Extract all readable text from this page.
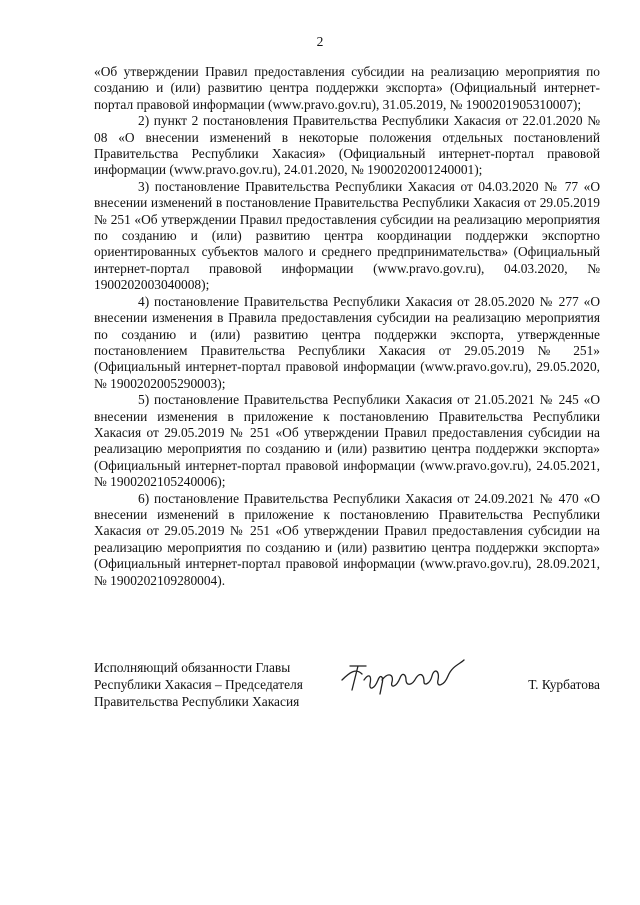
2

«Об утверждении Правил предоставления субсидии на реализацию мероприятия по созданию и (или) развитию центра поддержки экспорта» (Официальный интернет-портал правовой информации (www.pravo.gov.ru), 31.05.2019, № 1900201905310007);

2) пункт 2 постановления Правительства Республики Хакасия от 22.01.2020 № 08 «О внесении изменений в некоторые положения отдельных постановлений Правительства Республики Хакасия» (Официальный интернет-портал правовой информации (www.pravo.gov.ru), 24.01.2020, № 1900202001240001);

3) постановление Правительства Республики Хакасия от 04.03.2020 № 77 «О внесении изменений в постановление Правительства Республики Хакасия от 29.05.2019 № 251 «Об утверждении Правил предоставления субсидии на реализацию мероприятия по созданию и (или) развитию центра координации поддержки экспортно ориентированных субъектов малого и среднего предпринимательства» (Официальный интернет-портал правовой информации (www.pravo.gov.ru), 04.03.2020, № 1900202003040008);

4) постановление Правительства Республики Хакасия от 28.05.2020 № 277 «О внесении изменения в Правила предоставления субсидии на реализацию мероприятия по созданию и (или) развитию центра поддержки экспорта, утвержденные постановлением Правительства Республики Хакасия от 29.05.2019 № 251» (Официальный интернет-портал правовой информации (www.pravo.gov.ru), 29.05.2020, № 1900202005290003);

5) постановление Правительства Республики Хакасия от 21.05.2021 № 245 «О внесении изменения в приложение к постановлению Правительства Республики Хакасия от 29.05.2019 № 251 «Об утверждении Правил предоставления субсидии на реализацию мероприятия по созданию и (или) развитию центра поддержки экспорта» (Официальный интернет-портал правовой информации (www.pravo.gov.ru), 24.05.2021, № 1900202105240006);

6) постановление Правительства Республики Хакасия от 24.09.2021 № 470 «О внесении изменений в приложение к постановлению Правительства Республики Хакасия от 29.05.2019 № 251 «Об утверждении Правил предоставления субсидии на реализацию мероприятия по созданию и (или) развитию центра поддержки экспорта» (Официальный интернет-портал правовой информации (www.pravo.gov.ru), 28.09.2021, № 1900202109280004).

Исполняющий обязанности Главы
Республики Хакасия – Председателя
Правительства Республики Хакасия
Т. Курбатова
